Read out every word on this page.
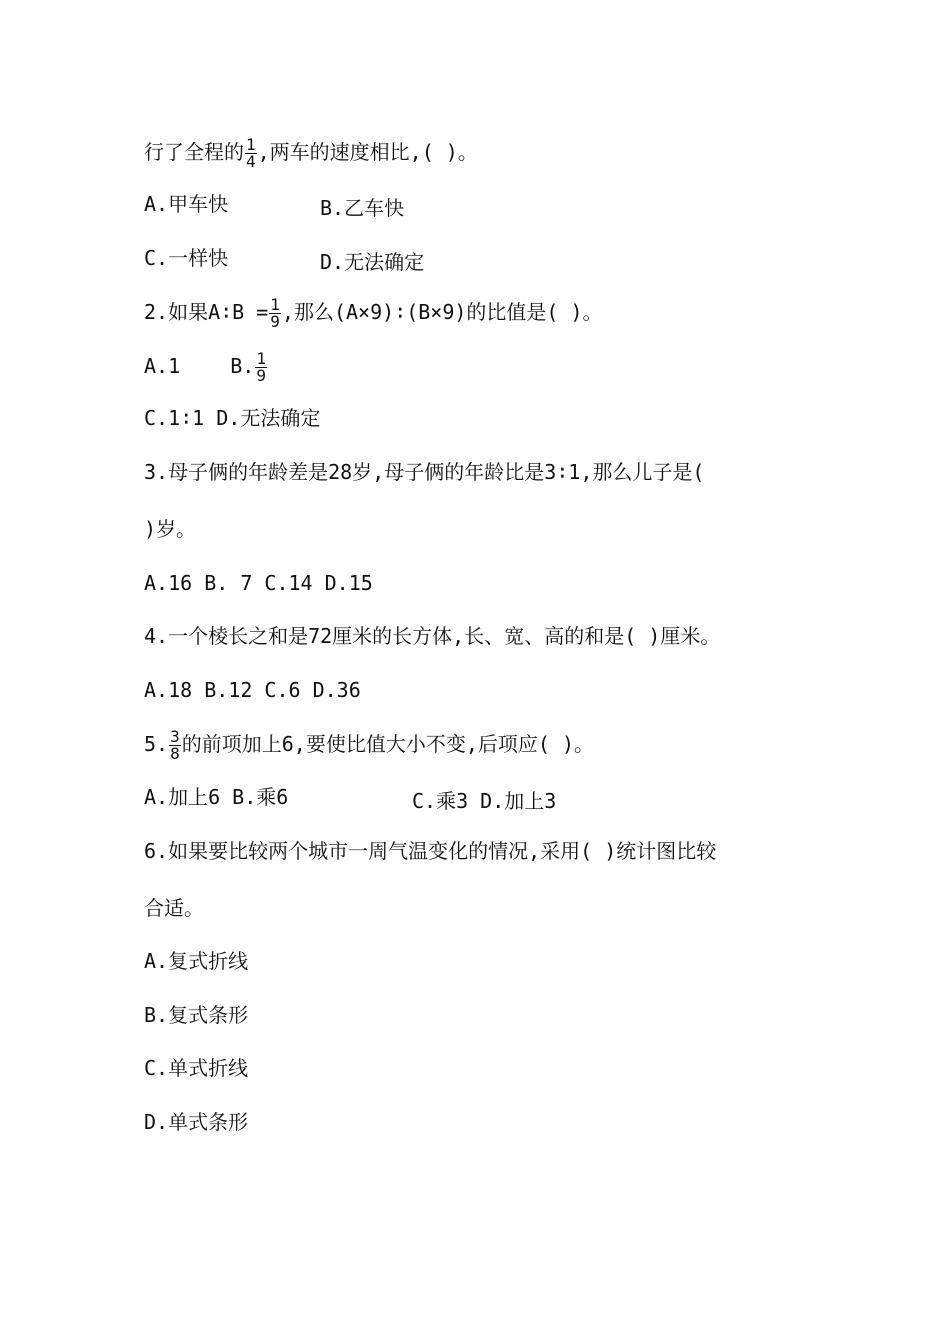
行了全程的 $\frac{1}{4}$ ,两车的速度相比,( )。
A.甲车快	B.乙车快
C.一样快	D.无法确定
2.如果A∶B = $\frac{1}{9}$ ,那么(A×9)∶(B×9)的比值是( )。
A.1	B. $\frac{1}{9}$
C.1∶1 D.无法确定
3.母子俩的年龄差是28岁,母子俩的年龄比是3∶1,那么儿子是(
)岁。
A.16 B. 7 C.14 D.15
4.一个棱长之和是72厘米的长方体,长、宽、高的和是( )厘米。
A.18 B.12 C.6 D.36
5. $\frac{3}{8}$ 的前项加上6,要使比值大小不变,后项应( )。
A.加上6 B.乘6	C.乘3 D.加上3
6.如果要比较两个城市一周气温变化的情况,采用( )统计图比较
合适。
A.复式折线
B.复式条形
C.单式折线
D.单式条形
